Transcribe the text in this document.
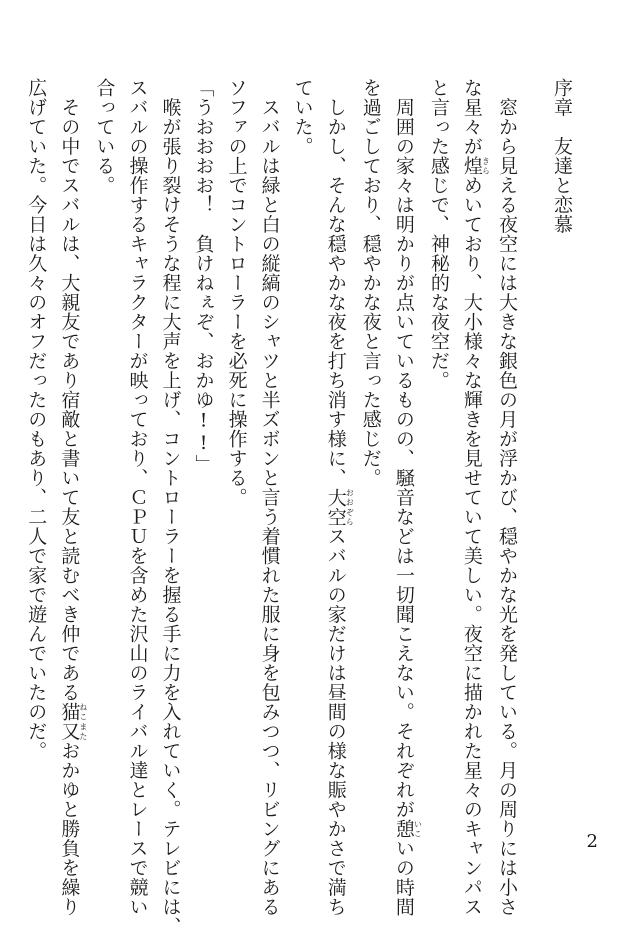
序章　友達と恋慕

　窓から見える夜空には大きな銀色の月が浮かび、穏やかな光を発している。月の周りには小さ

な星々が煌きらめいており、大小様々な輝きを見せていて美しい。夜空に描かれた星々のキャンパス

と言った感じで、神秘的な夜空だ。

　周囲の家々は明かりが点いているものの、騒音などは一切聞こえない。それぞれが憩いこいの時間

を過ごしており、穏やかな夜と言った感じだ。

　しかし、そんな穏やかな夜を打ち消す様に、大空おおぞらスバルの家だけは昼間の様な賑やかさで満ち

ていた。

　スバルは緑と白の縦縞のシャツと半ズボンと言う着慣れた服に身を包みつつ、リビングにある

ソファの上でコントローラーを必死に操作する。

「うおおおお！　負けねぇぞ、おかゆ!!」

　喉が張り裂けそうな程に大声を上げ、コントローラーを握る手に力を入れていく。テレビには、

スバルの操作するキャラクターが映っており、ＣＰＵを含めた沢山のライバル達とレースで競い

合っている。

　その中でスバルは、大親友であり宿敵と書いて友と読むべき仲である猫又ねこまたおかゆと勝負を繰り

広げていた。今日は久々のオフだったのもあり、二人で家で遊んでいたのだ。

2
